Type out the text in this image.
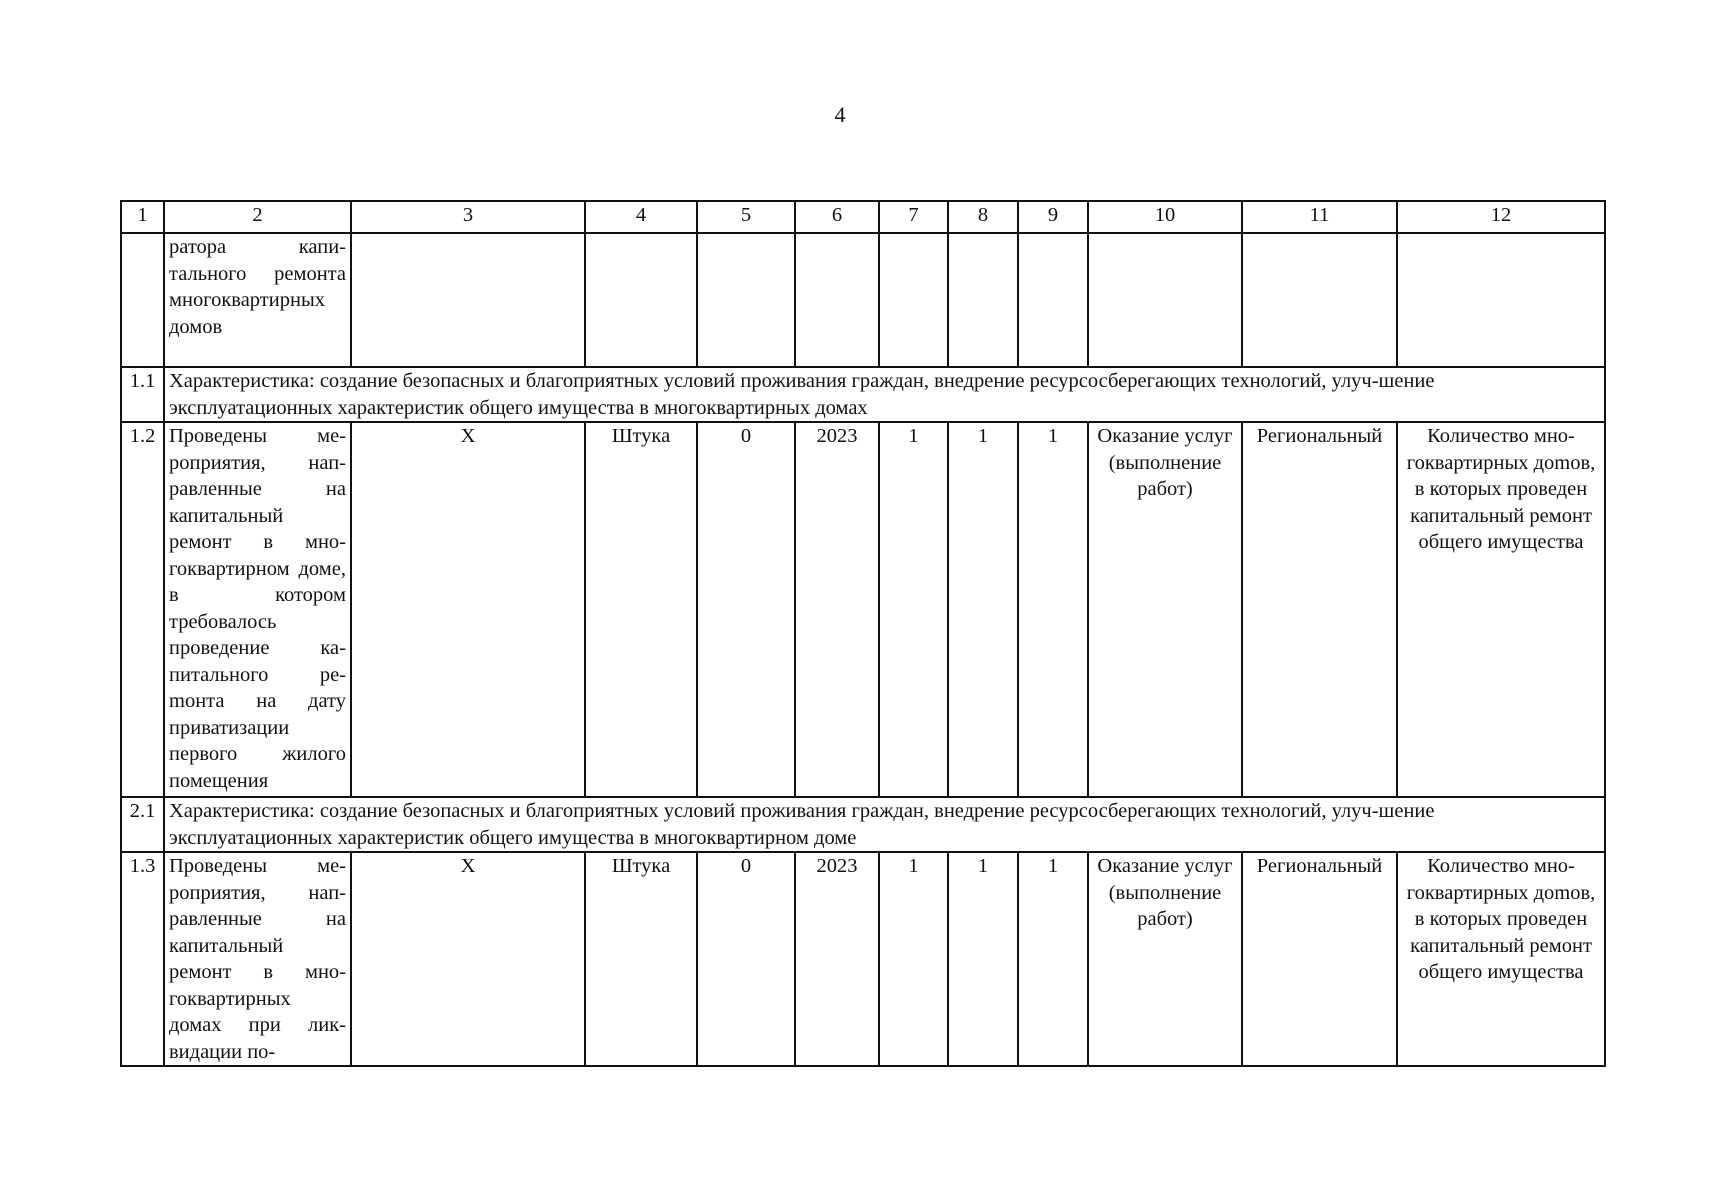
4
1	2	3	4	5	6	7	8	9	10	11	12
	ратора капитального ремонта многоквартирных домов										
1.1	Характеристика: создание безопасных и благоприятных условий проживания граждан, внедрение ресурсосберегающих технологий, улуч-шение эксплуатационных характеристик общего имущества в многоквартирных домах										
1.2	Проведены мероприятия, направленные на капитальный ремонт в многоквартирном доме, в котором требовалось проведение капитального реmонта на дату приватизации первого жилого помещения	Х	Штука	0	2023	1	1	1	Оказание услуг (выполнение работ)	Региональный	Количество многоквартирных доmов, в которых проведен капитальный ремонт общего имущества
2.1	Характеристика: создание безопасных и благоприятных условий проживания граждан, внедрение ресурсосберегающих технологий, улуч-шение эксплуатационных характеристик общего имущества в многоквартирном доме										
1.3	Проведены мероприятия, направленные на капитальный ремонт в многоквартирных домах при ликвидации по-	Х	Штука	0	2023	1	1	1	Оказание услуг (выполнение работ)	Региональный	Количество многоквартирных доmов, в которых проведен капитальный ремонт общего имущества
